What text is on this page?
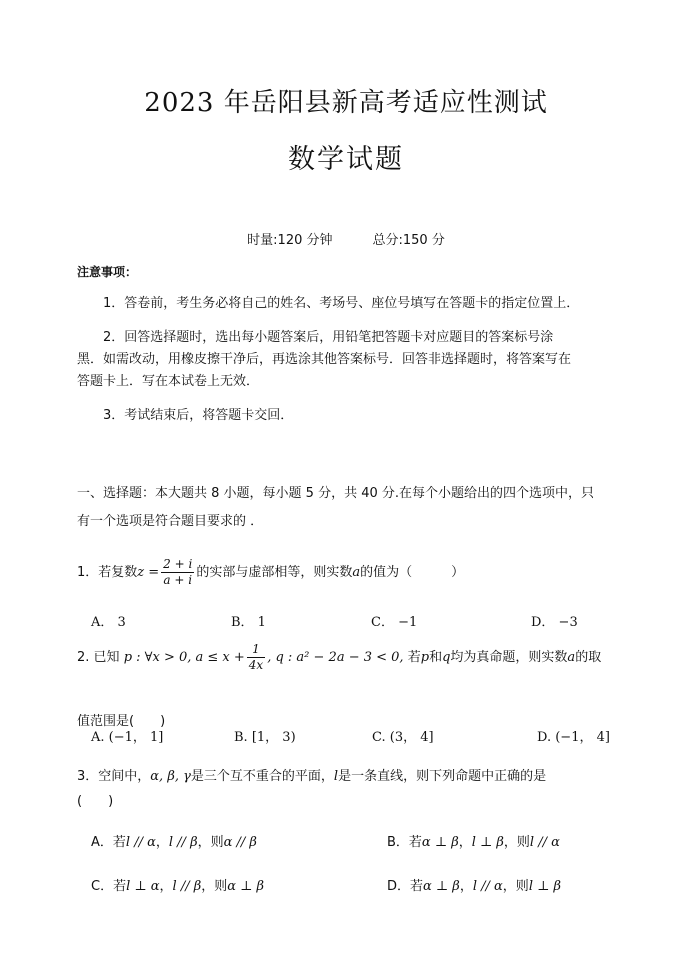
2023 年岳阳县新高考适应性测试
数学试题
时量:120 分钟	总分:150 分
注意事项：
1．答卷前，考生务必将自己的姓名、考场号、座位号填写在答题卡的指定位置上．
2．回答选择题时，选出每小题答案后，用铅笔把答题卡对应题目的答案标号涂
黑．如需改动，用橡皮擦干净后，再选涂其他答案标号．回答非选择题时，将答案写在
答题卡上．写在本试卷上无效．
3．考试结束后，将答题卡交回．
一、选择题：本大题共 8 小题，每小题 5 分，共 40 分.在每个小题给出的四个选项中，只
有一个选项是符合题目要求的 ．
1．若复数$z = \frac{2 + i}{a + i}$ 的实部与虚部相等，则实数a的值为（　　　）
A． 3	B． 1	C． −1	D． −3
2. 已知 p : ∀x > 0, $a \le x + \frac{1}{4x}$ , q : a² − 2a − 3 < 0, 若p和q均为真命题，则实数a的取
值范围是(　　)
A. (−1， 1]	B. [1， 3)	C. (3， 4]	D. (−1， 4]
3．空间中，α, β, γ是三个互不重合的平面，l是一条直线，则下列命题中正确的是
(　　)
A．若l // α，l // β，则α // β	B．若α ⊥ β，l ⊥ β，则l // α
C．若l ⊥ α，l // β，则α ⊥ β	D．若α ⊥ β，l // α，则l ⊥ β
